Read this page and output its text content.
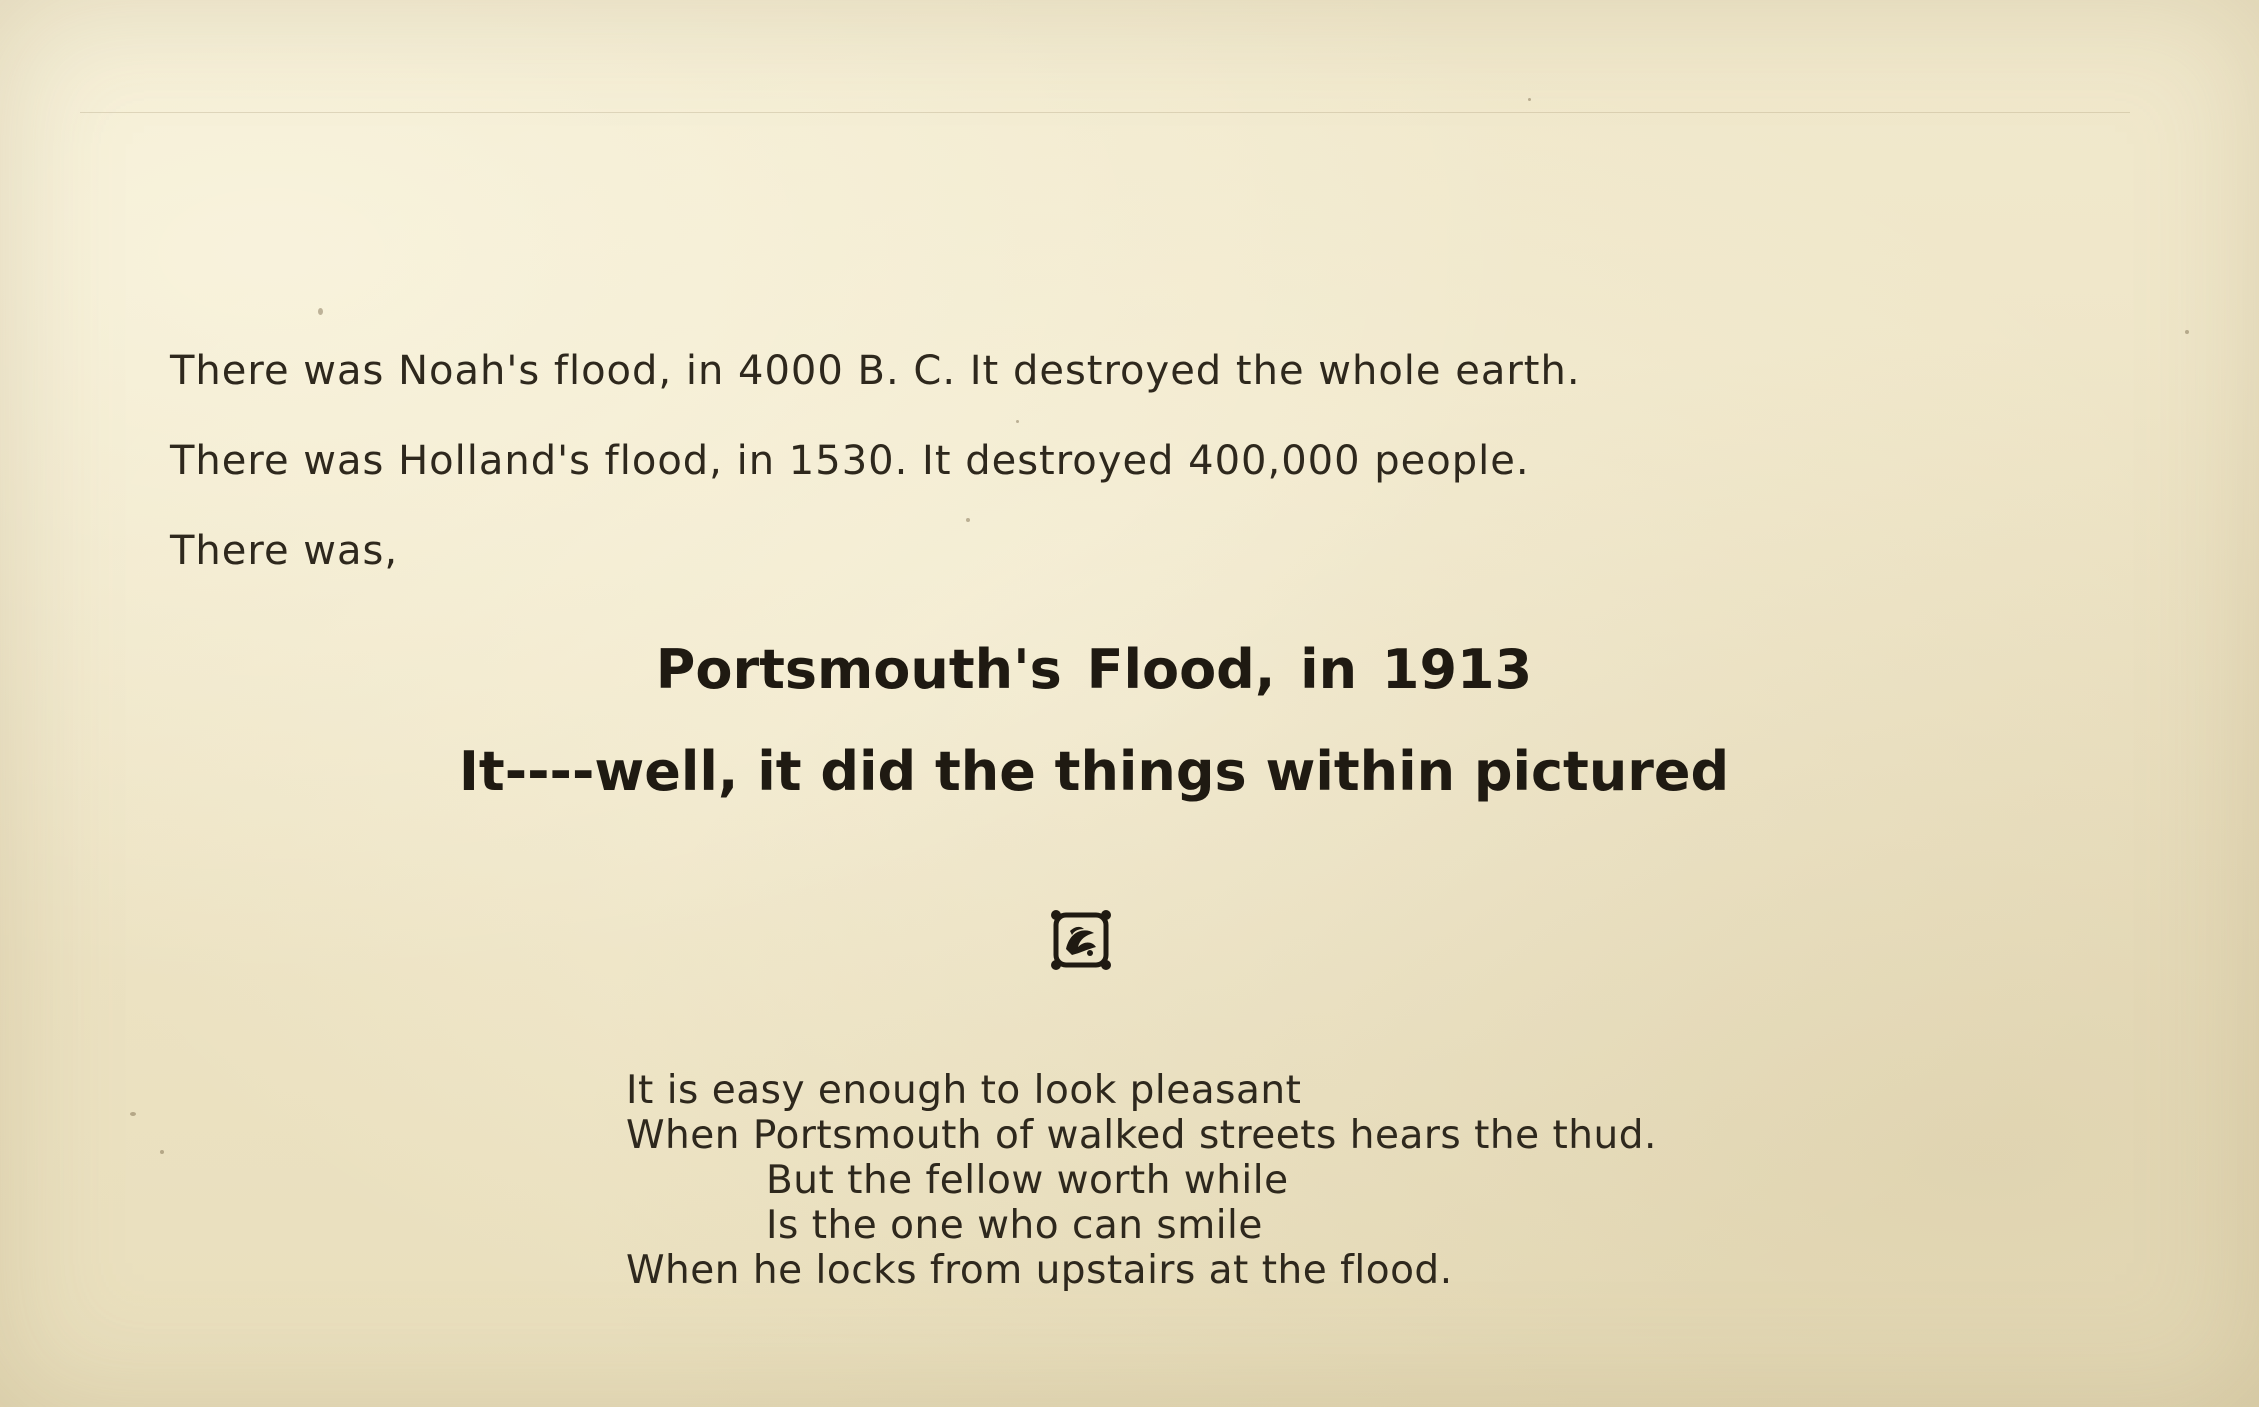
There was Noah's flood, in 4000 B. C. It destroyed the whole earth.
There was Holland's flood, in 1530. It destroyed 400,000 people.
There was,
Portsmouth's Flood, in 1913
It----well, it did the things within pictured
It is easy enough to look pleasant
When Portsmouth of walked streets hears the thud.
But the fellow worth while
Is the one who can smile
When he locks from upstairs at the flood.
